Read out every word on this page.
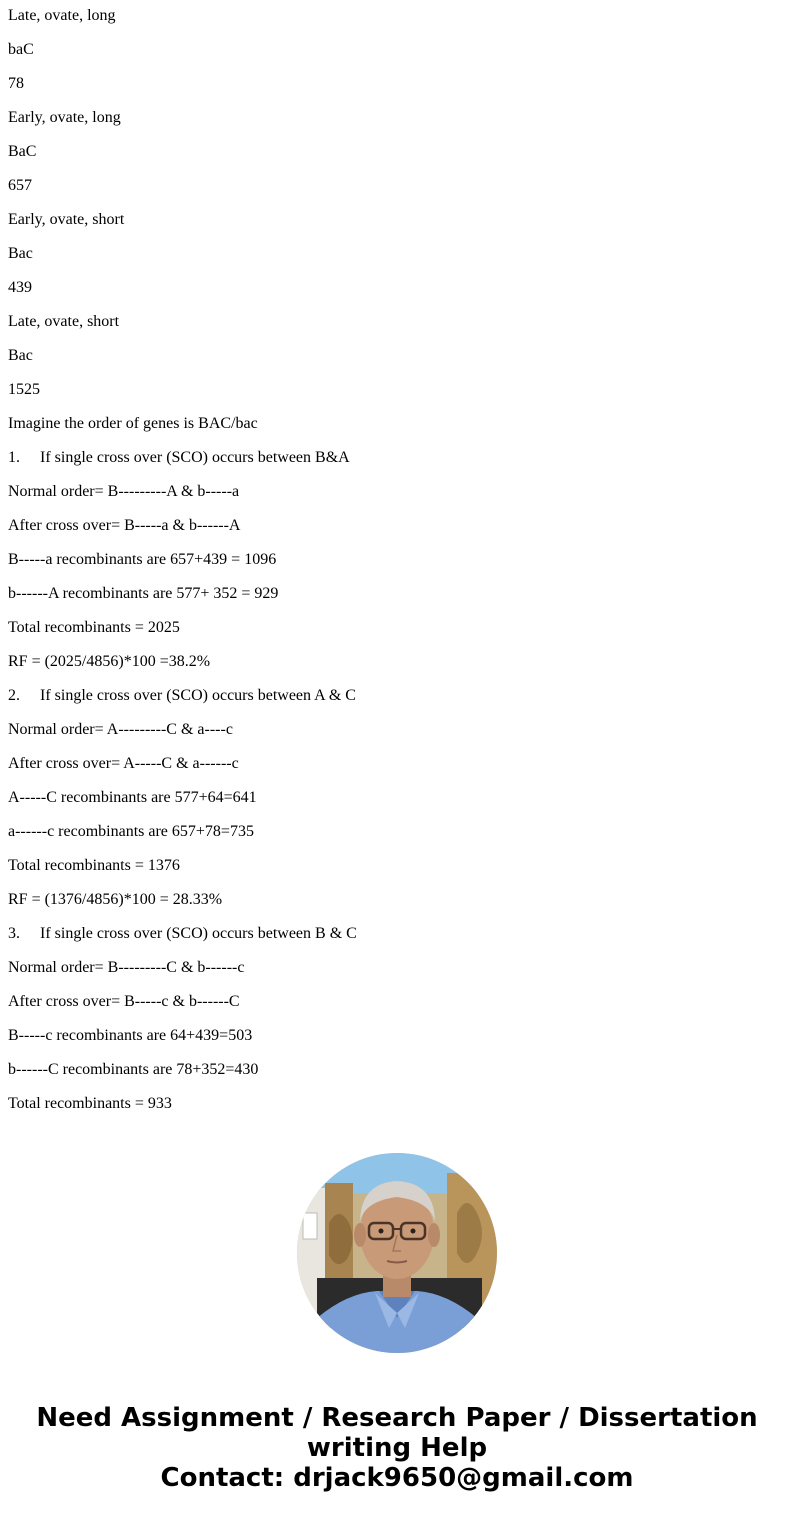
Late, ovate, long

baC

78

Early, ovate, long

BaC

657

Early, ovate, short

Bac

439

Late, ovate, short

Bac

1525

Imagine the order of genes is BAC/bac

1. If single cross over (SCO) occurs between B&A

Normal order= B---------A & b-----a

After cross over= B-----a & b------A

B-----a recombinants are 657+439 = 1096

b------A recombinants are 577+ 352 = 929

Total recombinants = 2025

RF = (2025/4856)*100 =38.2%

2. If single cross over (SCO) occurs between A & C

Normal order= A---------C & a----c

After cross over= A-----C & a------c

A-----C recombinants are 577+64=641

a------c recombinants are 657+78=735

Total recombinants = 1376

RF = (1376/4856)*100 = 28.33%

3. If single cross over (SCO) occurs between B & C

Normal order= B---------C & b------c

After cross over= B-----c & b------C

B-----c recombinants are 64+439=503

b------C recombinants are 78+352=430

Total recombinants = 933

Need Assignment / Research Paper / Dissertation
writing Help
Contact: drjack9650@gmail.com
